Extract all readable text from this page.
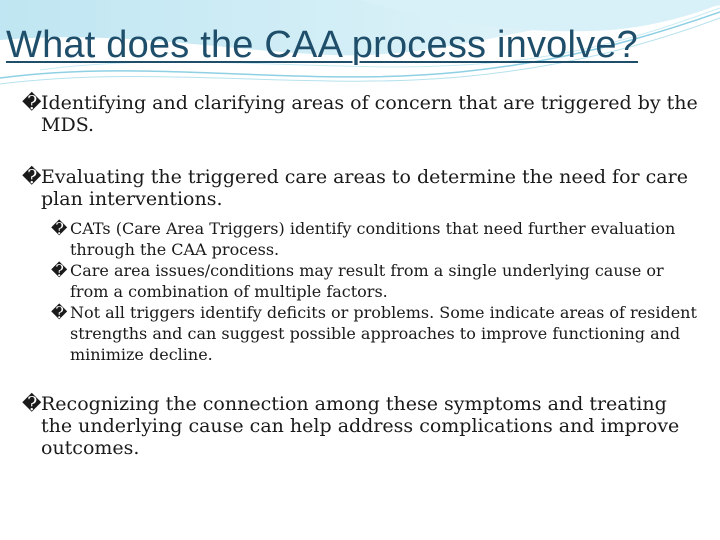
What does the CAA process involve?
� Identifying and clarifying areas of concern that are triggered by the MDS.
� Evaluating the triggered care areas to determine the need for care plan interventions.
� CATs (Care Area Triggers) identify conditions that need further evaluation through the CAA process.
� Care area issues/conditions may result from a single underlying cause or from a combination of multiple factors.
� Not all triggers identify deficits or problems. Some indicate areas of resident strengths and can suggest possible approaches to improve functioning and minimize decline.
� Recognizing the connection among these symptoms and treating the underlying cause can help address complications and improve outcomes.
